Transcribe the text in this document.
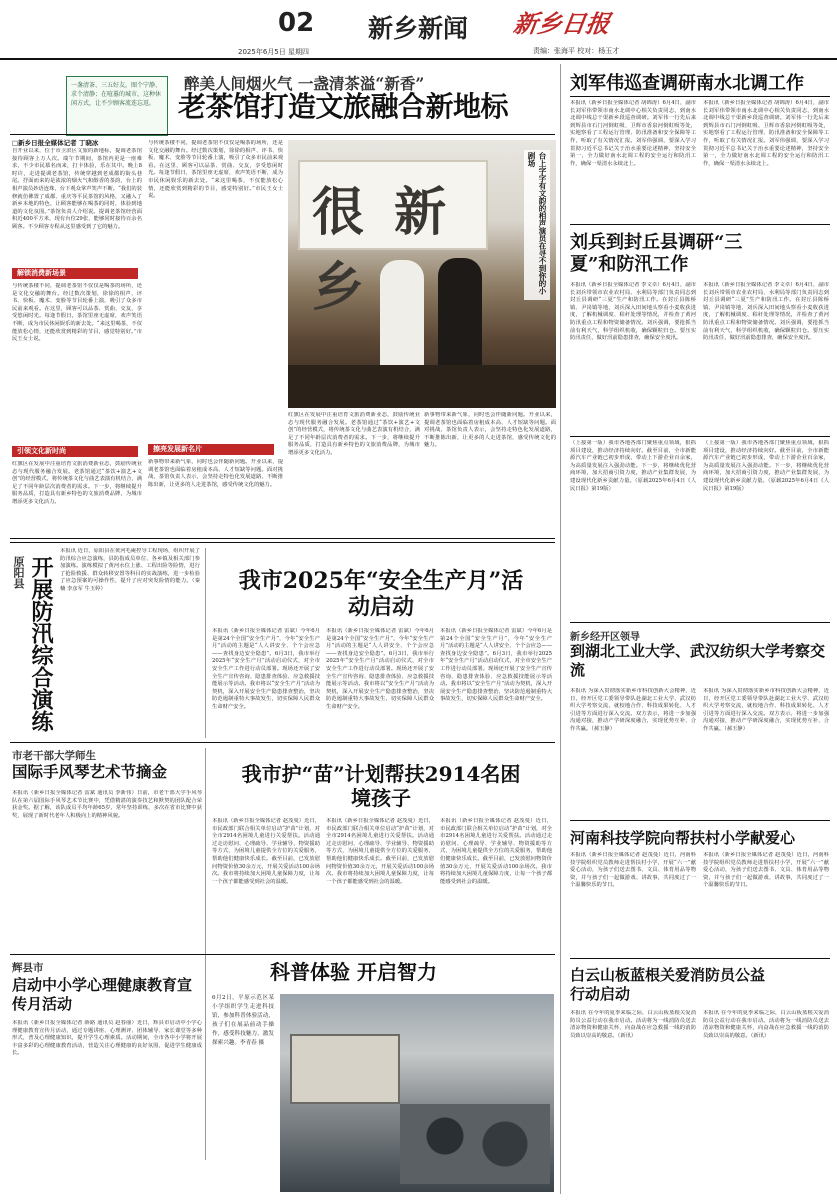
02 新乡新闻 新乡日报
2025年6月5日 星期四	责编：张海平 校对：杨玉才
一盏清茶、三五好友，图个宁静、求个清静；在喧嚣的城市，这种休闲方式，让不少顾客流连忘返。
醉美人间烟火气 一盏清茶溢“新香”
老茶馆打造文旅融合新地标
□新乡日报全媒体记者 丁晓冰
自开业以来，位于市卫滨区文旅的新地标，提调老茶馆接待顾客上万人次。端午节期间，茶馆内更是一座难求，不少市民慕名而来，打卡体验，乐在其中。晚上8时许，走进提调老茶馆，传统穿越到老成都的街头巷尾。抒面而来的是浓浓的烟火气和醇香的茶韵，台上的相声演员妙语连珠，台下观众掌声笑声不断。“我们的装修就仿佛置了成都、重庆等平民茶馆的风格，又融入了新乡本地的特色，让顾客能够在喝茶的同时，体验到地道的文化氛围。”茶馆负责人介绍说。提调老茶馆经营面积近400平方米，现有台位29张，能够同时接待百余名顾客。不少顾客专程从这里感受到了它的魅力。
解锁消费新场景
与传统茶楼不同，提调老茶馆不仅仅是喝茶的场所，还是文化交融的舞台。经过数次策划，徐徐的相声、评书、快板、魔术、变脸等节目轮番上演，吸引了众多市民前来观看。在这里，顾客可以品茶、赏曲、交友，享受悠闲时光。每逢节假日，茶馆里座无虚席，欢声笑语不断，成为市民休闲娱乐的新去处。“来这里喝茶，不仅能放松心情，还能欣赏到精彩的节目，感觉特别好。”市民王女士说。
引领文化新时尚
红旗区在发展中注重培育文旅消费新业态，鼓励传统业态与现代服务融合发展。老茶馆通过“茶饮+演艺+文创”的经营模式，将传统茶文化与曲艺表演有机结合，满足了不同年龄层次消费者的需求。下一步，将继续提升服务品质，打造具有新乡特色的文旅消费品牌，为城市增添更多文化活力。
与传统茶楼不同，提调老茶馆不仅仅是喝茶的场所，还是文化交融的舞台。经过数次策划，徐徐的相声、评书、快板、魔术、变脸等节目轮番上演，吸引了众多市民前来观看。在这里，顾客可以品茶、赏曲、交友，享受悠闲时光。每逢节假日，茶馆里座无虚席，欢声笑语不断，成为市民休闲娱乐的新去处。“来这里喝茶，不仅能放松心情，还能欣赏到精彩的节目，感觉特别好。”市民王女士说。
擦亮发展新名片
新事物带来新气象，同时也会伴随新问题。开业以来，提调老茶馆也面临着房租成本高、人才短缺等问题。面对挑战，茶馆负责人表示，会坚持走特色化发展道路，不断推陈出新，让更多的人走进茶馆，感受传统文化的魅力。
很 新 乡	台上字字有文韵的相声演员在寻不到你的小剧场
红旗区在发展中注重培育文旅消费新业态，鼓励传统业态与现代服务融合发展。老茶馆通过“茶饮+演艺+文创”的经营模式，将传统茶文化与曲艺表演有机结合，满足了不同年龄层次消费者的需求。下一步，将继续提升服务品质，打造具有新乡特色的文旅消费品牌，为城市增添更多文化活力。
新事物带来新气象，同时也会伴随新问题。开业以来，提调老茶馆也面临着房租成本高、人才短缺等问题。面对挑战，茶馆负责人表示，会坚持走特色化发展道路，不断推陈出新，让更多的人走进茶馆，感受传统文化的魅力。
刘军伟巡查调研南水北调工作
本报讯（新乡日报全媒体记者 胡锦涛）6月4日，副市长刘军伟带领市南水北调中心相关负责同志，到南水北调中线总干渠新乡段巡查调研。刘军伟一行先后来到辉县市石门河倒虹吸、卫辉市香泉河倒虹吸等处，实地察看了工程运行管理、防汛准备和安全保障等工作，听取了有关情况汇报。刘军伟强调，要深入学习贯彻习近平总书记关于治水重要论述精神，坚持安全第一，全力做好南水北调工程的安全运行和防汛工作，确保一渠清水永续北上。
本报讯（新乡日报全媒体记者 胡锦涛）6月4日，副市长刘军伟带领市南水北调中心相关负责同志，到南水北调中线总干渠新乡段巡查调研。刘军伟一行先后来到辉县市石门河倒虹吸、卫辉市香泉河倒虹吸等处，实地察看了工程运行管理、防汛准备和安全保障等工作，听取了有关情况汇报。刘军伟强调，要深入学习贯彻习近平总书记关于治水重要论述精神，坚持安全第一，全力做好南水北调工程的安全运行和防汛工作，确保一渠清水永续北上。
刘兵到封丘县调研“三夏”和防汛工作
本报讯（新乡日报全媒体记者 李文卓）6月4日，副市长刘兵带领市农业农村局、水利局等部门负责同志到封丘县调研“三夏”生产和防汛工作。在封丘县陈桥镇、尹岗镇等地，刘兵深入田间地头察看小麦收获进度，了解机械调度、秸秆处理等情况，并检查了黄河防汛重点工程和物资储备情况。刘兵强调，要抢抓当前有利天气，科学组织机收，确保颗粒归仓。要压实防汛责任，做好汛前隐患排查，确保安全度汛。
本报讯（新乡日报全媒体记者 李文卓）6月4日，副市长刘兵带领市农业农村局、水利局等部门负责同志到封丘县调研“三夏”生产和防汛工作。在封丘县陈桥镇、尹岗镇等地，刘兵深入田间地头察看小麦收获进度，了解机械调度、秸秆处理等情况，并检查了黄河防汛重点工程和物资储备情况。刘兵强调，要抢抓当前有利天气，科学组织机收，确保颗粒归仓。要压实防汛责任，做好汛前隐患排查，确保安全度汛。
（上接第一版）我市各地各部门聚焦重点领域，狠抓项目建设，推动经济持续向好。截至目前，全市新能源汽车产业链已初步形成，带动上下游企业百余家，为高质量发展注入强劲动能。下一步，将继续优化营商环境，加大招商引资力度，推动产业集群发展，为建设现代化新乡贡献力量。（原载2025年6月4日《人民日报》第19版）
（上接第一版）我市各地各部门聚焦重点领域，狠抓项目建设，推动经济持续向好。截至目前，全市新能源汽车产业链已初步形成，带动上下游企业百余家，为高质量发展注入强劲动能。下一步，将继续优化营商环境，加大招商引资力度，推动产业集群发展，为建设现代化新乡贡献力量。（原载2025年6月4日《人民日报》第19版）
原阳县 开展防汛综合演练
本报讯 近日，原阳县在黄河毛庵控导工程现场，组织开展了防汛综合应急演练，县防指成员单位、各乡镇及相关部门参加演练。演练模拟了黄河水位上涨、工程出险等险情，进行了抢险救援、群众转移安置等科目的实战演练，进一步检验了应急预案的可操作性，提升了应对突发险情的能力。（秦楠 李彦军 牛玉婷）	我市2025年“安全生产月”活动启动
本报讯（新乡日报全媒体记者 雷斌）今年6月是第24个全国“安全生产月”，今年“安全生产月”活动的主题是“人人讲安全、个个会应急——查找身边安全隐患”。6月3日，我市举行2025年“安全生产月”活动启动仪式，对全市安全生产工作进行动员部署。现场还开展了安全生产宣传咨询、隐患排查体验、应急救援技能展示等活动。我市将以“安全生产月”活动为契机，深入开展安全生产隐患排查整治，坚决防范遏制重特大事故发生，切实保障人民群众生命财产安全。
本报讯（新乡日报全媒体记者 雷斌）今年6月是第24个全国“安全生产月”，今年“安全生产月”活动的主题是“人人讲安全、个个会应急——查找身边安全隐患”。6月3日，我市举行2025年“安全生产月”活动启动仪式，对全市安全生产工作进行动员部署。现场还开展了安全生产宣传咨询、隐患排查体验、应急救援技能展示等活动。我市将以“安全生产月”活动为契机，深入开展安全生产隐患排查整治，坚决防范遏制重特大事故发生，切实保障人民群众生命财产安全。
本报讯（新乡日报全媒体记者 雷斌）今年6月是第24个全国“安全生产月”，今年“安全生产月”活动的主题是“人人讲安全、个个会应急——查找身边安全隐患”。6月3日，我市举行2025年“安全生产月”活动启动仪式，对全市安全生产工作进行动员部署。现场还开展了安全生产宣传咨询、隐患排查体验、应急救援技能展示等活动。我市将以“安全生产月”活动为契机，深入开展安全生产隐患排查整治，坚决防范遏制重特大事故发生，切实保障人民群众生命财产安全。
市老干部大学师生
国际手风琴艺术节摘金
本报讯（新乡日报全媒体记者 雷斌 通讯员 李新伟）日前，市老干部大学手风琴队在第六届国际手风琴艺术节比赛中，凭借精湛的演奏技艺和默契的团队配合荣获金奖。据了解，该队成员平均年龄65岁，常年坚持训练，多次在省市比赛中获奖，展现了新时代老年人积极向上的精神风貌。
我市护“苗”计划帮扶2914名困境孩子
本报讯（新乡日报全媒体记者 赵茂曼）近日，市民政部门联合相关单位启动“护苗”计划，对全市2914名困境儿童进行关爱帮扶。活动通过走访慰问、心理疏导、学业辅导、物资援助等方式，为困境儿童提供全方位的关爱服务，帮助他们健康快乐成长。截至目前，已发放慰问物资价值30余万元，开展关爱活动100余场次。我市将持续加大困境儿童保障力度，让每一个孩子都能感受到社会的温暖。
本报讯（新乡日报全媒体记者 赵茂曼）近日，市民政部门联合相关单位启动“护苗”计划，对全市2914名困境儿童进行关爱帮扶。活动通过走访慰问、心理疏导、学业辅导、物资援助等方式，为困境儿童提供全方位的关爱服务，帮助他们健康快乐成长。截至目前，已发放慰问物资价值30余万元，开展关爱活动100余场次。我市将持续加大困境儿童保障力度，让每一个孩子都能感受到社会的温暖。
本报讯（新乡日报全媒体记者 赵茂曼）近日，市民政部门联合相关单位启动“护苗”计划，对全市2914名困境儿童进行关爱帮扶。活动通过走访慰问、心理疏导、学业辅导、物资援助等方式，为困境儿童提供全方位的关爱服务，帮助他们健康快乐成长。截至目前，已发放慰问物资价值30余万元，开展关爱活动100余场次。我市将持续加大困境儿童保障力度，让每一个孩子都能感受到社会的温暖。
辉县市
启动中小学心理健康教育宣传月活动
本报讯（新乡日报全媒体记者 薛路 通讯员 赵春丽）近日，辉县市启动中小学心理健康教育宣传月活动，通过专题讲座、心理测评、团体辅导、家长课堂等多种形式，普及心理健康知识，提升学生心理素质。活动期间，全市各中小学将开展丰富多彩的心理健康教育活动，营造关注心理健康的良好氛围，促进学生健康成长。
科普体验 开启智力
6月2日，平原示范区某小学组织学生走进科技馆，参加科普体验活动，孩子们在展品前动手操作，感受科技魅力，激发探索兴趣。李青春 摄
新乡经开区领导
到湖北工业大学、武汉纺织大学考察交流
本报讯 为深入贯彻落实新乡市科技创新大会精神，近日，经开区党工委领导带队赴湖北工业大学、武汉纺织大学考察交流，就校地合作、科技成果转化、人才引进等方面进行深入交流。双方表示，将进一步加强沟通对接，推动产学研深度融合，实现优势互补、合作共赢。（郝玉静）
本报讯 为深入贯彻落实新乡市科技创新大会精神，近日，经开区党工委领导带队赴湖北工业大学、武汉纺织大学考察交流，就校地合作、科技成果转化、人才引进等方面进行深入交流。双方表示，将进一步加强沟通对接，推动产学研深度融合，实现优势互补、合作共赢。（郝玉静）
河南科技学院向帮扶村小学献爱心
本报讯（新乡日报全媒体记者 赵茂曼）近日，河南科技学院组织党员教师走进帮扶村小学，开展“六一”献爱心活动，为孩子们送去图书、文具、体育用品等物资，并与孩子们一起做游戏、讲故事，共同度过了一个温馨快乐的节日。
本报讯（新乡日报全媒体记者 赵茂曼）近日，河南科技学院组织党员教师走进帮扶村小学，开展“六一”献爱心活动，为孩子们送去图书、文具、体育用品等物资，并与孩子们一起做游戏、讲故事，共同度过了一个温馨快乐的节日。
白云山板蓝根关爱消防员公益行动启动
本报讯 在今年的夏季来临之际，白云山板蓝根关爱消防员公益行动在我市启动。活动将为一线消防员送去清凉物资和健康关怀，向奋战在应急救援一线的消防员致以崇高的敬意。（新讯）
本报讯 在今年的夏季来临之际，白云山板蓝根关爱消防员公益行动在我市启动。活动将为一线消防员送去清凉物资和健康关怀，向奋战在应急救援一线的消防员致以崇高的敬意。（新讯）
